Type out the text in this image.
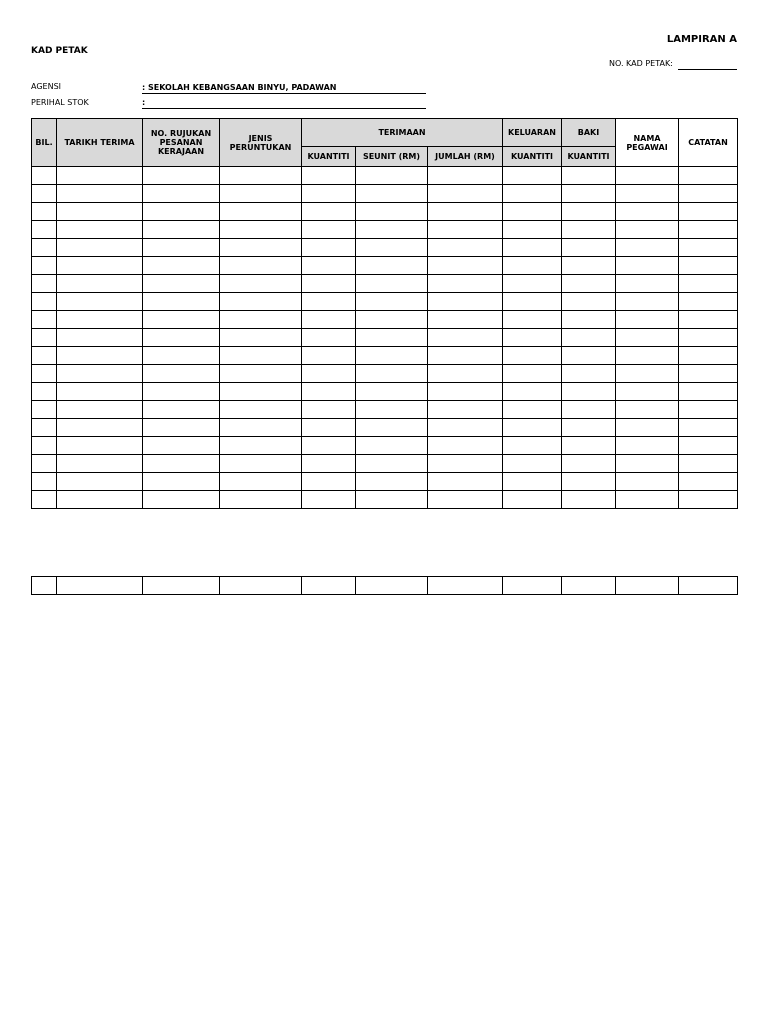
LAMPIRAN A
KAD PETAK
NO. KAD PETAK:
AGENSI	: SEKOLAH KEBANGSAAN BINYU, PADAWAN
PERIHAL STOK	:
BIL.	TARIKH TERIMA	NO. RUJUKAN PESANAN KERAJAAN	JENIS PERUNTUKAN	TERIMAAN			KELUARAN	BAKI	NAMA PEGAWAI	CATATAN
				KUANTITI	SEUNIT (RM)	JUMLAH (RM)	KUANTITI	KUANTITI		
